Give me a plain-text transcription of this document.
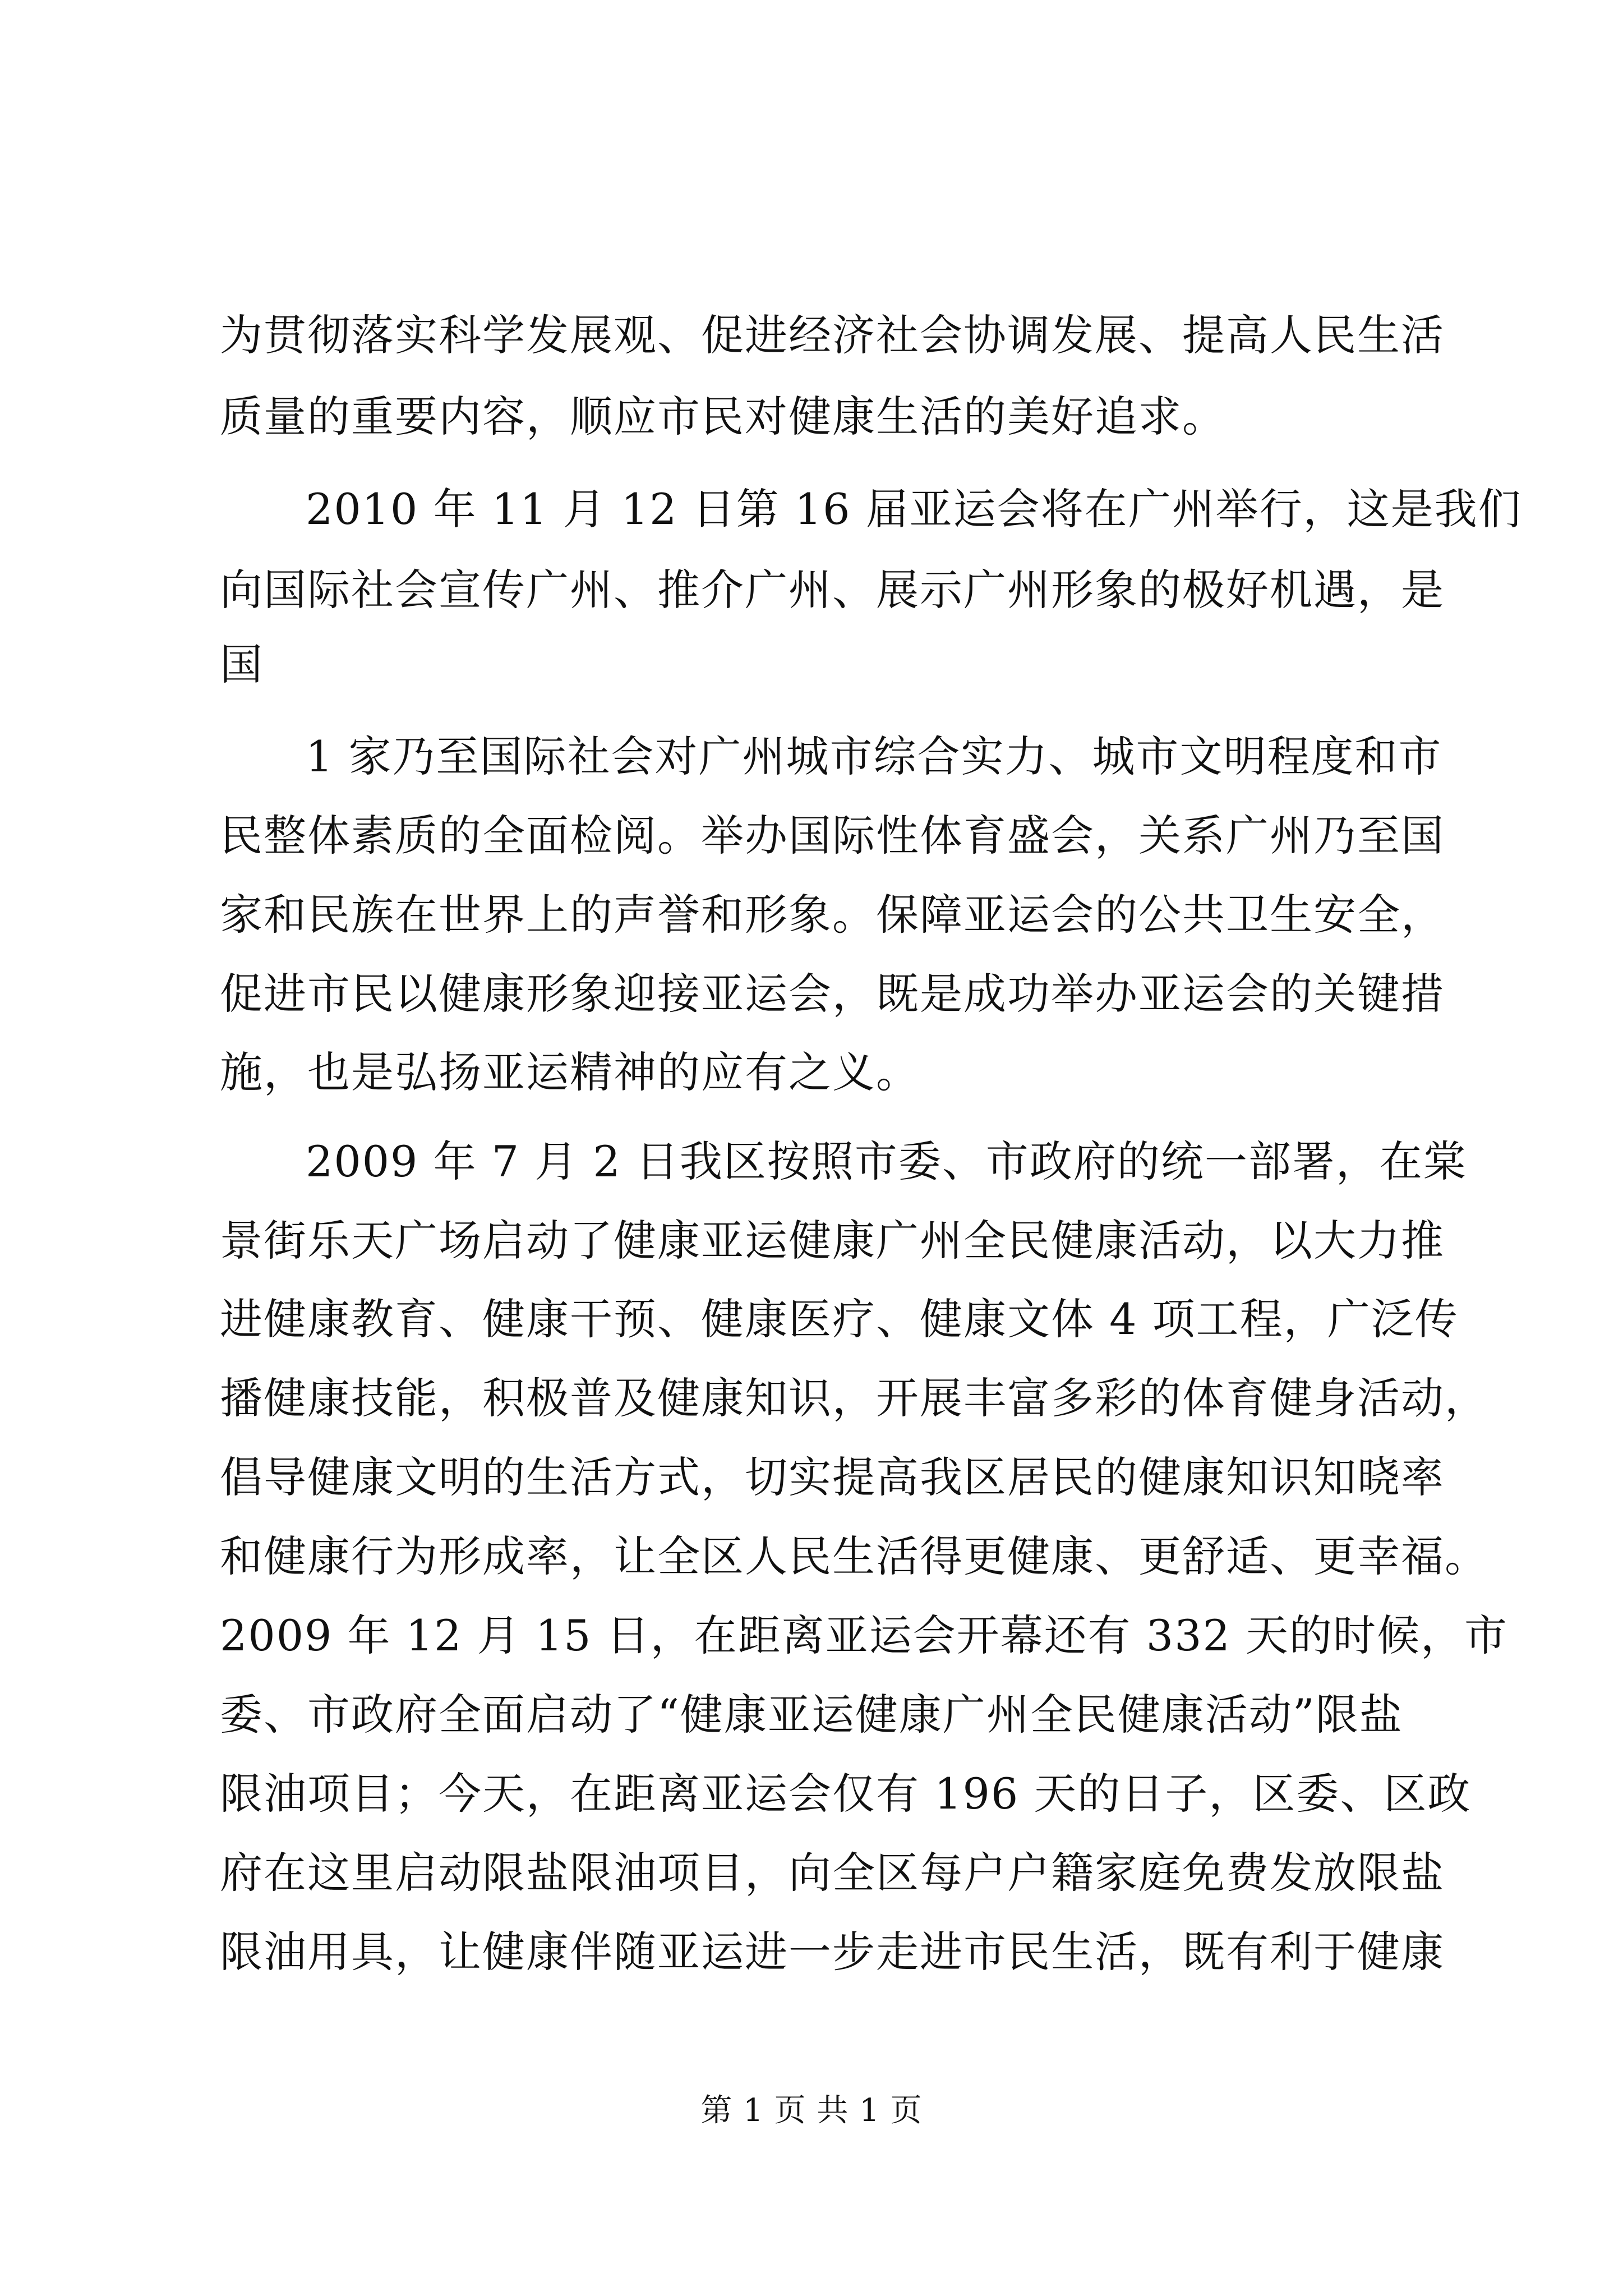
为贯彻落实科学发展观、促进经济社会协调发展、提高人民生活
质量的重要内容，顺应市民对健康生活的美好追求。
2010 年 11 月 12 日第 16 届亚运会将在广州举行，这是我们
向国际社会宣传广州、推介广州、展示广州形象的极好机遇，是
国
1 家乃至国际社会对广州城市综合实力、城市文明程度和市
民整体素质的全面检阅。举办国际性体育盛会，关系广州乃至国
家和民族在世界上的声誉和形象。保障亚运会的公共卫生安全，
促进市民以健康形象迎接亚运会，既是成功举办亚运会的关键措
施，也是弘扬亚运精神的应有之义。
2009 年 7 月 2 日我区按照市委、市政府的统一部署，在棠
景街乐天广场启动了健康亚运健康广州全民健康活动，以大力推
进健康教育、健康干预、健康医疗、健康文体 4 项工程，广泛传
播健康技能，积极普及健康知识，开展丰富多彩的体育健身活动，
倡导健康文明的生活方式，切实提高我区居民的健康知识知晓率
和健康行为形成率，让全区人民生活得更健康、更舒适、更幸福。
2009 年 12 月 15 日，在距离亚运会开幕还有 332 天的时候，市
委、市政府全面启动了“健康亚运健康广州全民健康活动”限盐
限油项目；今天，在距离亚运会仅有 196 天的日子，区委、区政
府在这里启动限盐限油项目，向全区每户户籍家庭免费发放限盐
限油用具，让健康伴随亚运进一步走进市民生活，既有利于健康
第 1 页 共 1 页
